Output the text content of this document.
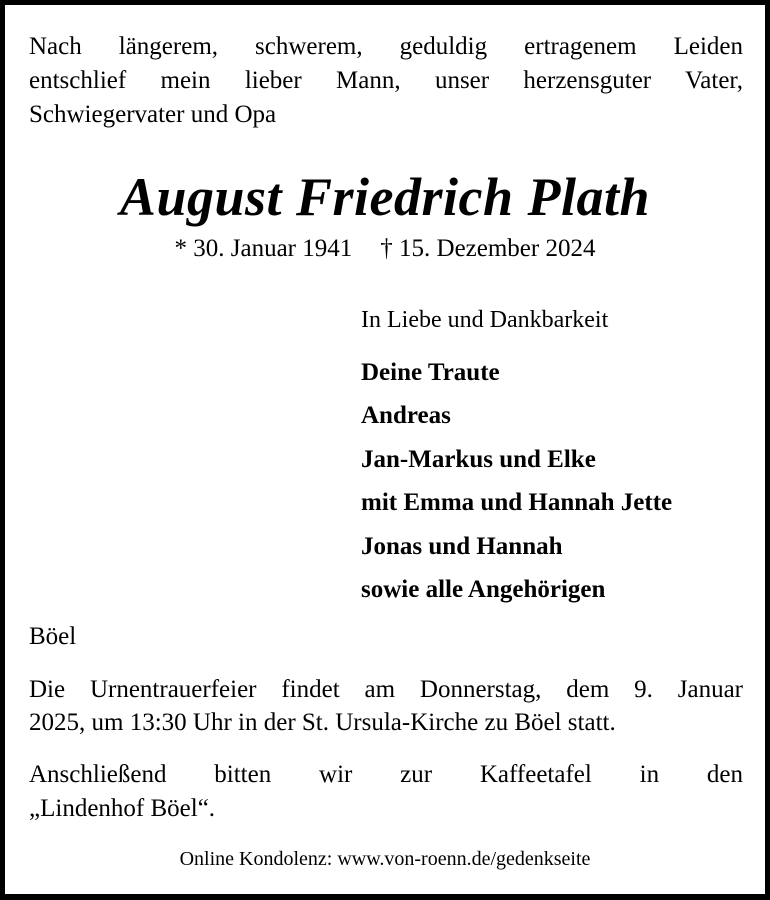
Nach längerem, schwerem, geduldig ertragenem Leiden
entschlief mein lieber Mann, unser herzensguter Vater,
Schwiegervater und Opa
August Friedrich Plath
* 30. Januar 1941 † 15. Dezember 2024
In Liebe und Dankbarkeit
Deine Traute
Andreas
Jan-Markus und Elke
mit Emma und Hannah Jette
Jonas und Hannah
sowie alle Angehörigen
Böel
Die Urnentrauerfeier findet am Donnerstag, dem 9. Januar
2025, um 13:30 Uhr in der St. Ursula-Kirche zu Böel statt.
Anschließend bitten wir zur Kaffeetafel in den
„Lindenhof Böel“.
Online Kondolenz: www.von-roenn.de/gedenkseite
